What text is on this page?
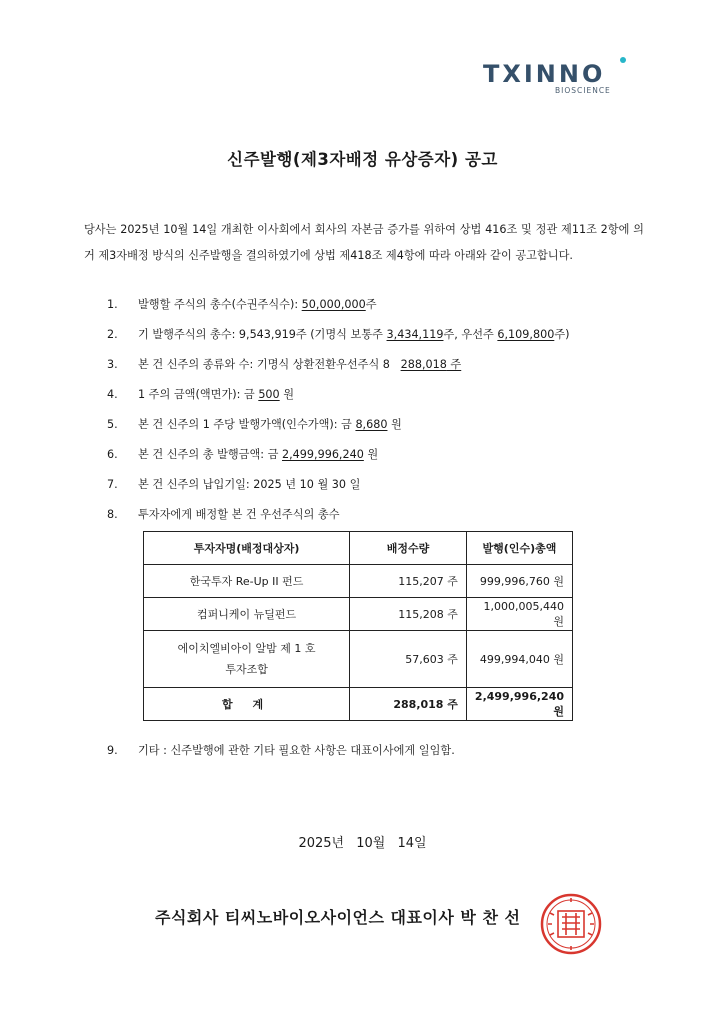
TXINNO
BIOSCIENCE
신주발행(제3자배정 유상증자) 공고
당사는 2025년 10월 14일 개최한 이사회에서 회사의 자본금 증가를 위하여 상법 416조 및 정관 제11조 2항에 의거 제3자배정 방식의 신주발행을 결의하였기에 상법 제418조 제4항에 따라 아래와 같이 공고합니다.
1. 발행할 주식의 총수(수권주식수): 50,000,000주
2. 기 발행주식의 총수: 9,543,919주 (기명식 보통주 3,434,119주, 우선주 6,109,800주)
3. 본 건 신주의 종류와 수: 기명식 상환전환우선주식 8   288,018 주
4. 1 주의 금액(액면가): 금 500 원
5. 본 건 신주의 1 주당 발행가액(인수가액): 금 8,680 원
6. 본 건 신주의 총 발행금액: 금 2,499,996,240 원
7. 본 건 신주의 납입기일: 2025 년 10 월 30 일
8. 투자자에게 배정할 본 건 우선주식의 총수
투자자명(배정대상자)	배정수량	발행(인수)총액
한국투자 Re-Up II 펀드	115,207 주	999,996,760 원
컴퍼니케이 뉴딜펀드	115,208 주	1,000,005,440 원

에이치엘비아이 알밤 제 1 호
투자조합	57,603 주	499,994,040 원
합 계	288,018 주	2,499,996,240 원
9. 기타 : 신주발행에 관한 기타 필요한 사항은 대표이사에게 일임함.
2025년 10월 14일
주식회사 티씨노바이오사이언스 대표이사 박 찬 선
